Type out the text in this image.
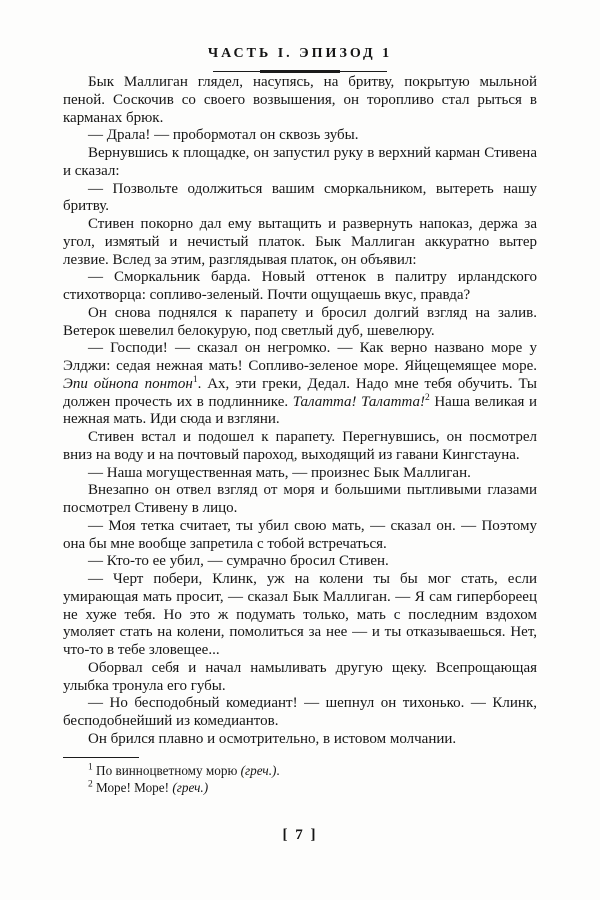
ЧАСТЬ I. ЭПИЗОД 1

Бык Маллиган глядел, насупясь, на бритву, покрытую мыльной пеной. Соскочив со своего возвышения, он торопливо стал рыться в карманах брюк.

— Драла! — пробормотал он сквозь зубы.

Вернувшись к площадке, он запустил руку в верхний карман Стивена и сказал:

— Позвольте одолжиться вашим сморкальником, вытереть нашу бритву.

Стивен покорно дал ему вытащить и развернуть напоказ, держа за угол, измятый и нечистый платок. Бык Маллиган аккуратно вытер лезвие. Вслед за этим, разглядывая платок, он объявил:

— Сморкальник барда. Новый оттенок в палитру ирландского стихотворца: сопливо-зеленый. Почти ощущаешь вкус, правда?

Он снова поднялся к парапету и бросил долгий взгляд на залив. Ветерок шевелил белокурую, под светлый дуб, шевелюру.

— Господи! — сказал он негромко. — Как верно названо море у Элджи: седая нежная мать! Сопливо-зеленое море. Яйцещемящее море. Эпи ойнопа понтон$^1$. Ах, эти греки, Дедал. Надо мне тебя обучить. Ты должен прочесть их в подлиннике. Талатта! Талатта!$^2$ Наша великая и нежная мать. Иди сюда и взгляни.

Стивен встал и подошел к парапету. Перегнувшись, он посмотрел вниз на воду и на почтовый пароход, выходящий из гавани Кингстауна.

— Наша могущественная мать, — произнес Бык Маллиган.

Внезапно он отвел взгляд от моря и большими пытливыми глазами посмотрел Стивену в лицо.

— Моя тетка считает, ты убил свою мать, — сказал он. — Поэтому она бы мне вообще запретила с тобой встречаться.

— Кто-то ее убил, — сумрачно бросил Стивен.

— Черт побери, Клинк, уж на колени ты бы мог стать, если умирающая мать просит, — сказал Бык Маллиган. — Я сам гипербореец не хуже тебя. Но это ж подумать только, мать с последним вздохом умоляет стать на колени, помолиться за нее — и ты отказываешься. Нет, что-то в тебе зловещее...

Оборвал себя и начал намыливать другую щеку. Всепрощающая улыбка тронула его губы.

— Но бесподобный комедиант! — шепнул он тихонько. — Клинк, бесподобнейший из комедиантов.

Он брился плавно и осмотрительно, в истовом молчании.

$^1$ По винноцветному морю (греч.).

$^2$ Море! Море! (греч.)

[ 7 ]
